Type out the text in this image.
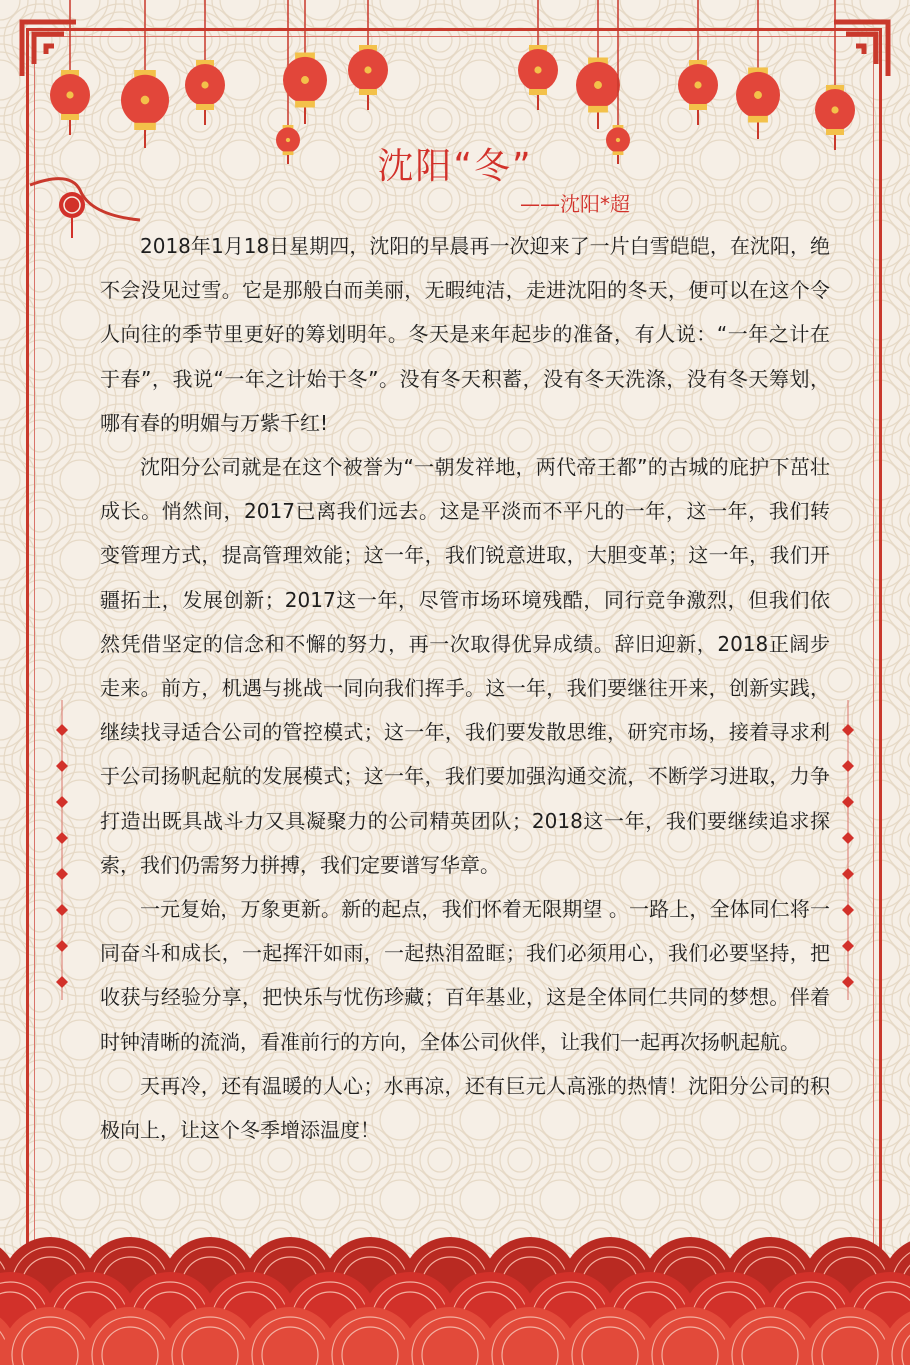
沈阳“冬”
——沈阳*超

2018年1月18日星期四，沈阳的早晨再一次迎来了一片白雪皑皑，在沈阳，绝不会没见过雪。它是那般白而美丽，无暇纯洁，走进沈阳的冬天，便可以在这个令人向往的季节里更好的筹划明年。冬天是来年起步的准备，有人说：“一年之计在于春”，我说“一年之计始于冬”。没有冬天积蓄，没有冬天洗涤，没有冬天筹划，哪有春的明媚与万紫千红!

沈阳分公司就是在这个被誉为“一朝发祥地，两代帝王都”的古城的庇护下茁壮成长。悄然间，2017已离我们远去。这是平淡而不平凡的一年，这一年，我们转变管理方式，提高管理效能；这一年，我们锐意进取，大胆变革；这一年，我们开疆拓土，发展创新；2017这一年，尽管市场环境残酷，同行竞争激烈，但我们依然凭借坚定的信念和不懈的努力，再一次取得优异成绩。辞旧迎新，2018正阔步走来。前方，机遇与挑战一同向我们挥手。这一年，我们要继往开来，创新实践，继续找寻适合公司的管控模式；这一年，我们要发散思维，研究市场，接着寻求利于公司扬帆起航的发展模式；这一年，我们要加强沟通交流，不断学习进取，力争打造出既具战斗力又具凝聚力的公司精英团队；2018这一年，我们要继续追求探索，我们仍需努力拼搏，我们定要谱写华章。

一元复始，万象更新。新的起点，我们怀着无限期望 。一路上，全体同仁将一同奋斗和成长，一起挥汗如雨，一起热泪盈眶；我们必须用心，我们必要坚持，把收获与经验分享，把快乐与忧伤珍藏；百年基业，这是全体同仁共同的梦想。伴着时钟清晰的流淌，看准前行的方向，全体公司伙伴，让我们一起再次扬帆起航。

天再冷，还有温暖的人心；水再凉，还有巨元人高涨的热情！沈阳分公司的积极向上，让这个冬季增添温度！
